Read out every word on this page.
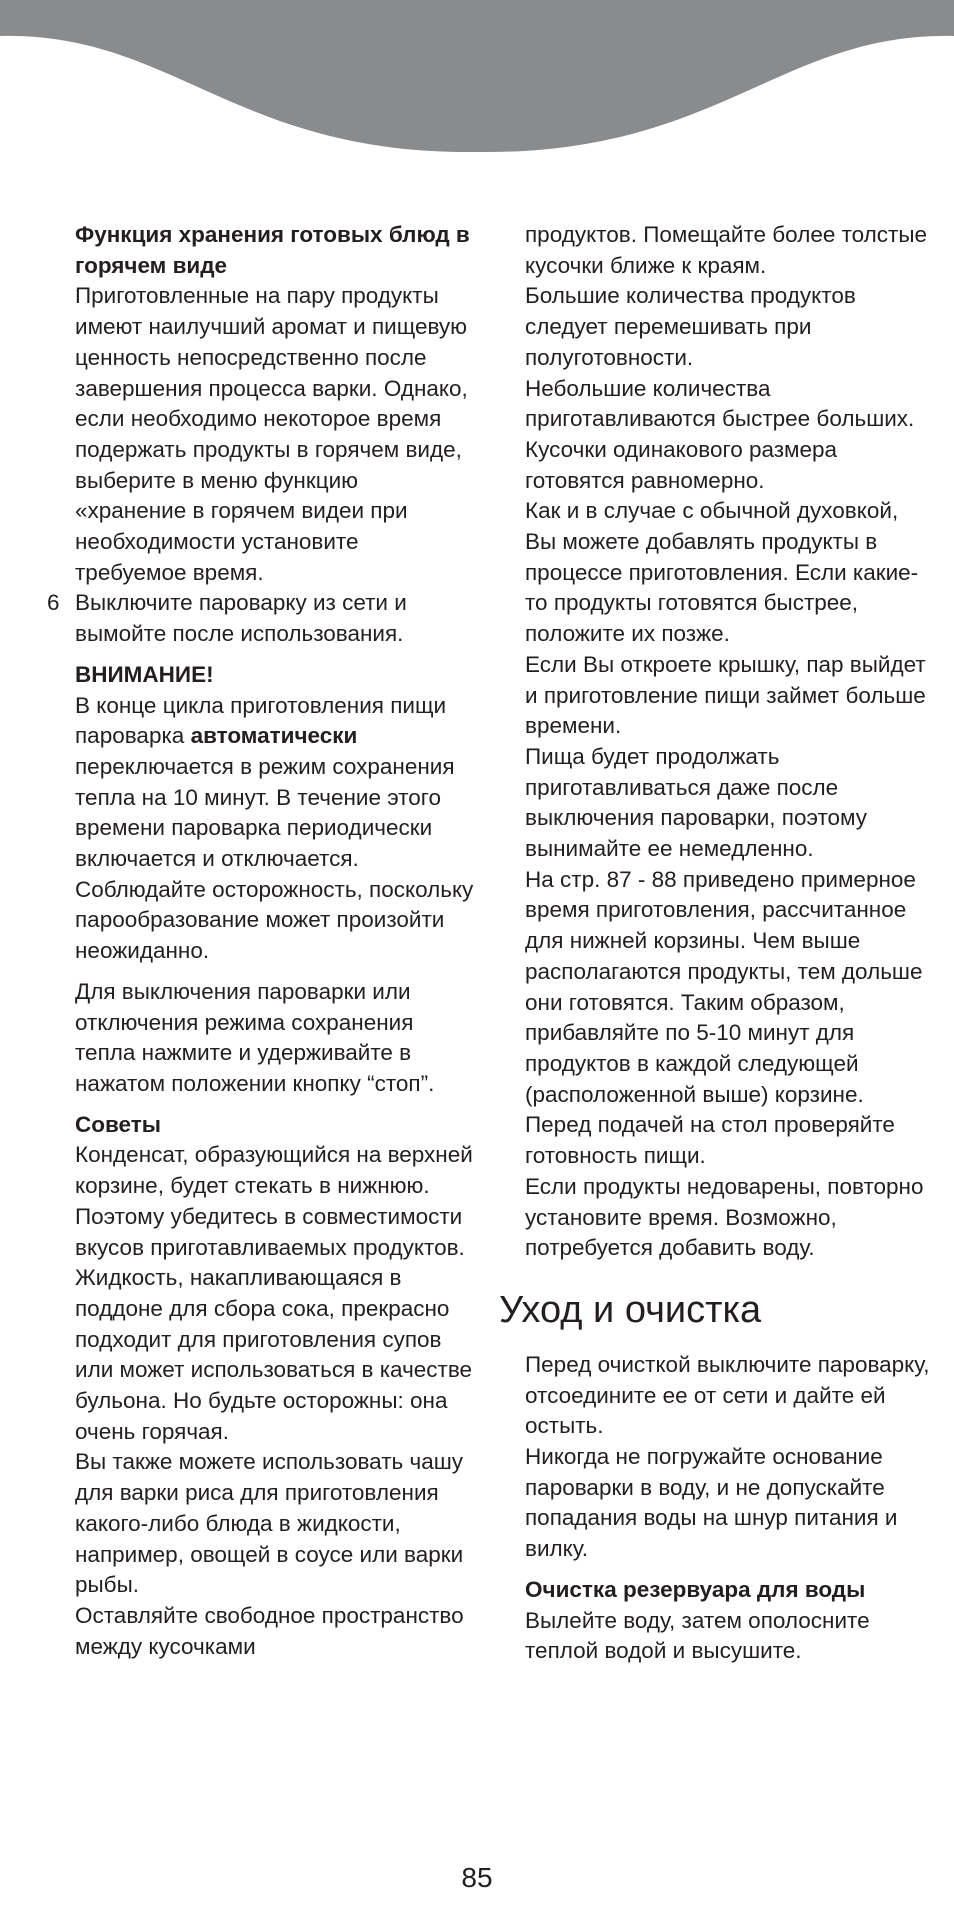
Функция хранения готовых блюд в горячем виде

Приготовленные на пару продукты имеют наилучший аромат и пищевую ценность непосредственно после завершения процесса варки. Однако, если необходимо некоторое время подержать продукты в горячем виде, выберите в меню функцию «хранение в горячем видеи при необходимости установите требуемое время.

6 Выключите пароварку из сети и вымойте после использования.

ВНИМАНИЕ!

В конце цикла приготовления пищи пароварка автоматически переключается в режим сохранения тепла на 10 минут. В течение этого времени пароварка периодически включается и отключается. Соблюдайте осторожность, поскольку парообразование может произойти неожиданно.

Для выключения пароварки или отключения режима сохранения тепла нажмите и удерживайте в нажатом положении кнопку “стоп”.

Советы

Конденсат, образующийся на верхней корзине, будет стекать в нижнюю. Поэтому убедитесь в совместимости вкусов приготавливаемых продуктов.

Жидкость, накапливающаяся в поддоне для сбора сока, прекрасно подходит для приготовления супов или может использоваться в качестве бульона. Но будьте осторожны: она очень горячая.

Вы также можете использовать чашу для варки риса для приготовления какого-либо блюда в жидкости, например, овощей в соусе или варки рыбы.

Оставляйте свободное пространство между кусочками

продуктов. Помещайте более толстые кусочки ближе к краям.

Большие количества продуктов следует перемешивать при полуготовности.

Небольшие количества приготавливаются быстрее больших.

Кусочки одинакового размера готовятся равномерно.

Как и в случае с обычной духовкой, Вы можете добавлять продукты в процессе приготовления. Если какие-то продукты готовятся быстрее, положите их позже.

Если Вы откроете крышку, пар выйдет и приготовление пищи займет больше времени.

Пища будет продолжать приготавливаться даже после выключения пароварки, поэтому вынимайте ее немедленно.

На стр. 87 - 88 приведено примерное время приготовления, рассчитанное для нижней корзины. Чем выше располагаются продукты, тем дольше они готовятся. Таким образом, прибавляйте по 5-10 минут для продуктов в каждой следующей (расположенной выше) корзине. Перед подачей на стол проверяйте готовность пищи.

Если продукты недоварены, повторно установите время. Возможно, потребуется добавить воду.

Уход и очистка

Перед очисткой выключите пароварку, отсоедините ее от сети и дайте ей остыть.

Никогда не погружайте основание пароварки в воду, и не допускайте попадания воды на шнур питания и вилку.

Очистка резервуара для воды

Вылейте воду, затем ополосните теплой водой и высушите.

85
